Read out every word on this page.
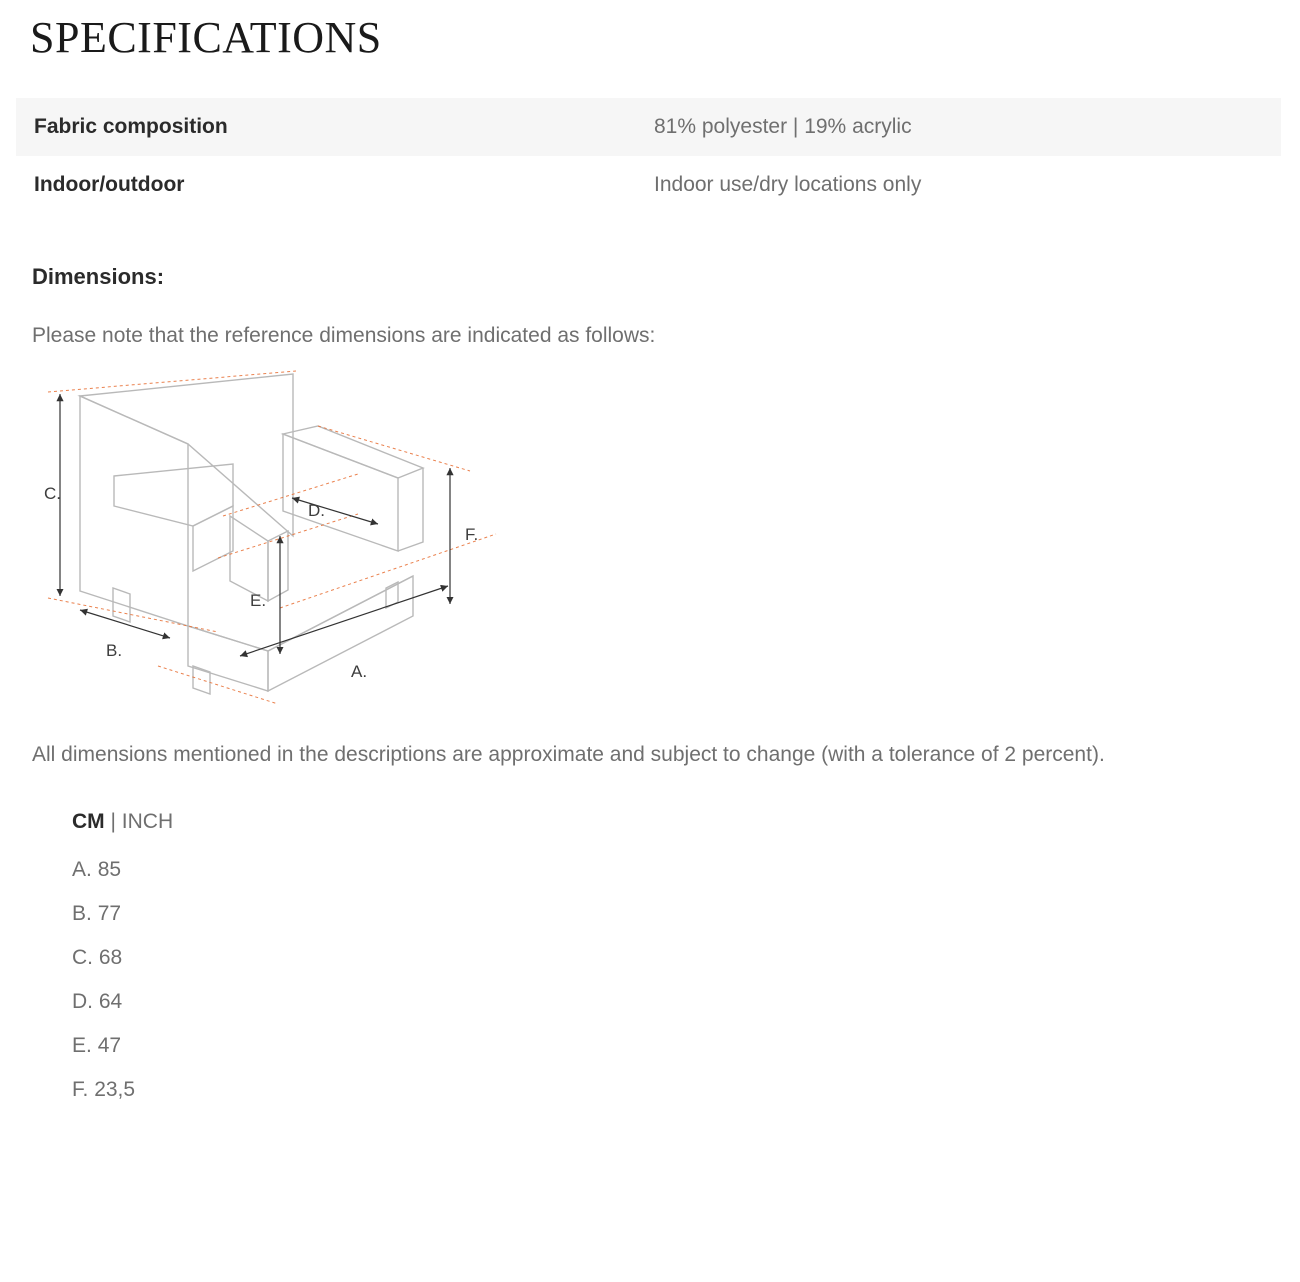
SPECIFICATIONS
Fabric composition	81% polyester | 19% acrylic
Indoor/outdoor	Indoor use/dry locations only
Dimensions:
Please note that the reference dimensions are indicated as follows:
C.
B.
A.
D.
E.
F.
All dimensions mentioned in the descriptions are approximate and subject to change (with a tolerance of 2 percent).
CM | INCH
A. 85
B. 77
C. 68
D. 64
E. 47
F. 23,5
